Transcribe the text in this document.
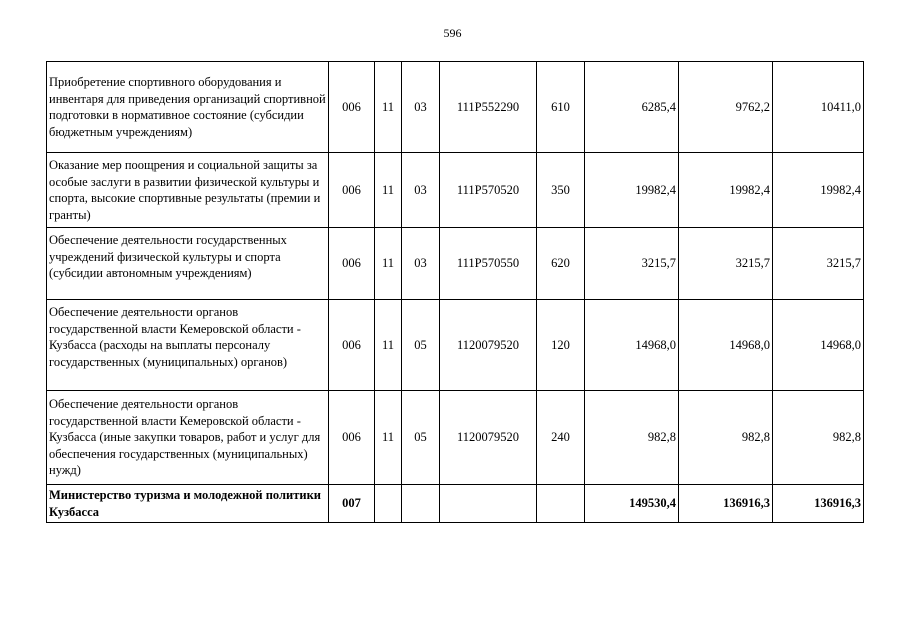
596
Приобретение спортивного оборудования и инвентаря для приведения организаций спортивной подготовки в нормативное состояние (субсидии бюджетным учреждениям)	006	11	03	111Р552290	610	6285,4	9762,2	10411,0
Оказание мер поощрения и социальной защиты за особые заслуги в развитии физической культуры и спорта, высокие спортивные результаты (премии и гранты)	006	11	03	111Р570520	350	19982,4	19982,4	19982,4
Обеспечение деятельности государственных учреждений физической культуры и спорта (субсидии автономным учреждениям)	006	11	03	111Р570550	620	3215,7	3215,7	3215,7
Обеспечение деятельности органов государственной власти Кемеровской области - Кузбасса (расходы на выплаты персоналу государственных (муниципальных) органов)	006	11	05	1120079520	120	14968,0	14968,0	14968,0
Обеспечение деятельности органов государственной власти Кемеровской области - Кузбасса (иные закупки товаров, работ и услуг для обеспечения государственных (муниципальных) нужд)	006	11	05	1120079520	240	982,8	982,8	982,8
Министерство туризма и молодежной политики Кузбасса	007					149530,4	136916,3	136916,3
